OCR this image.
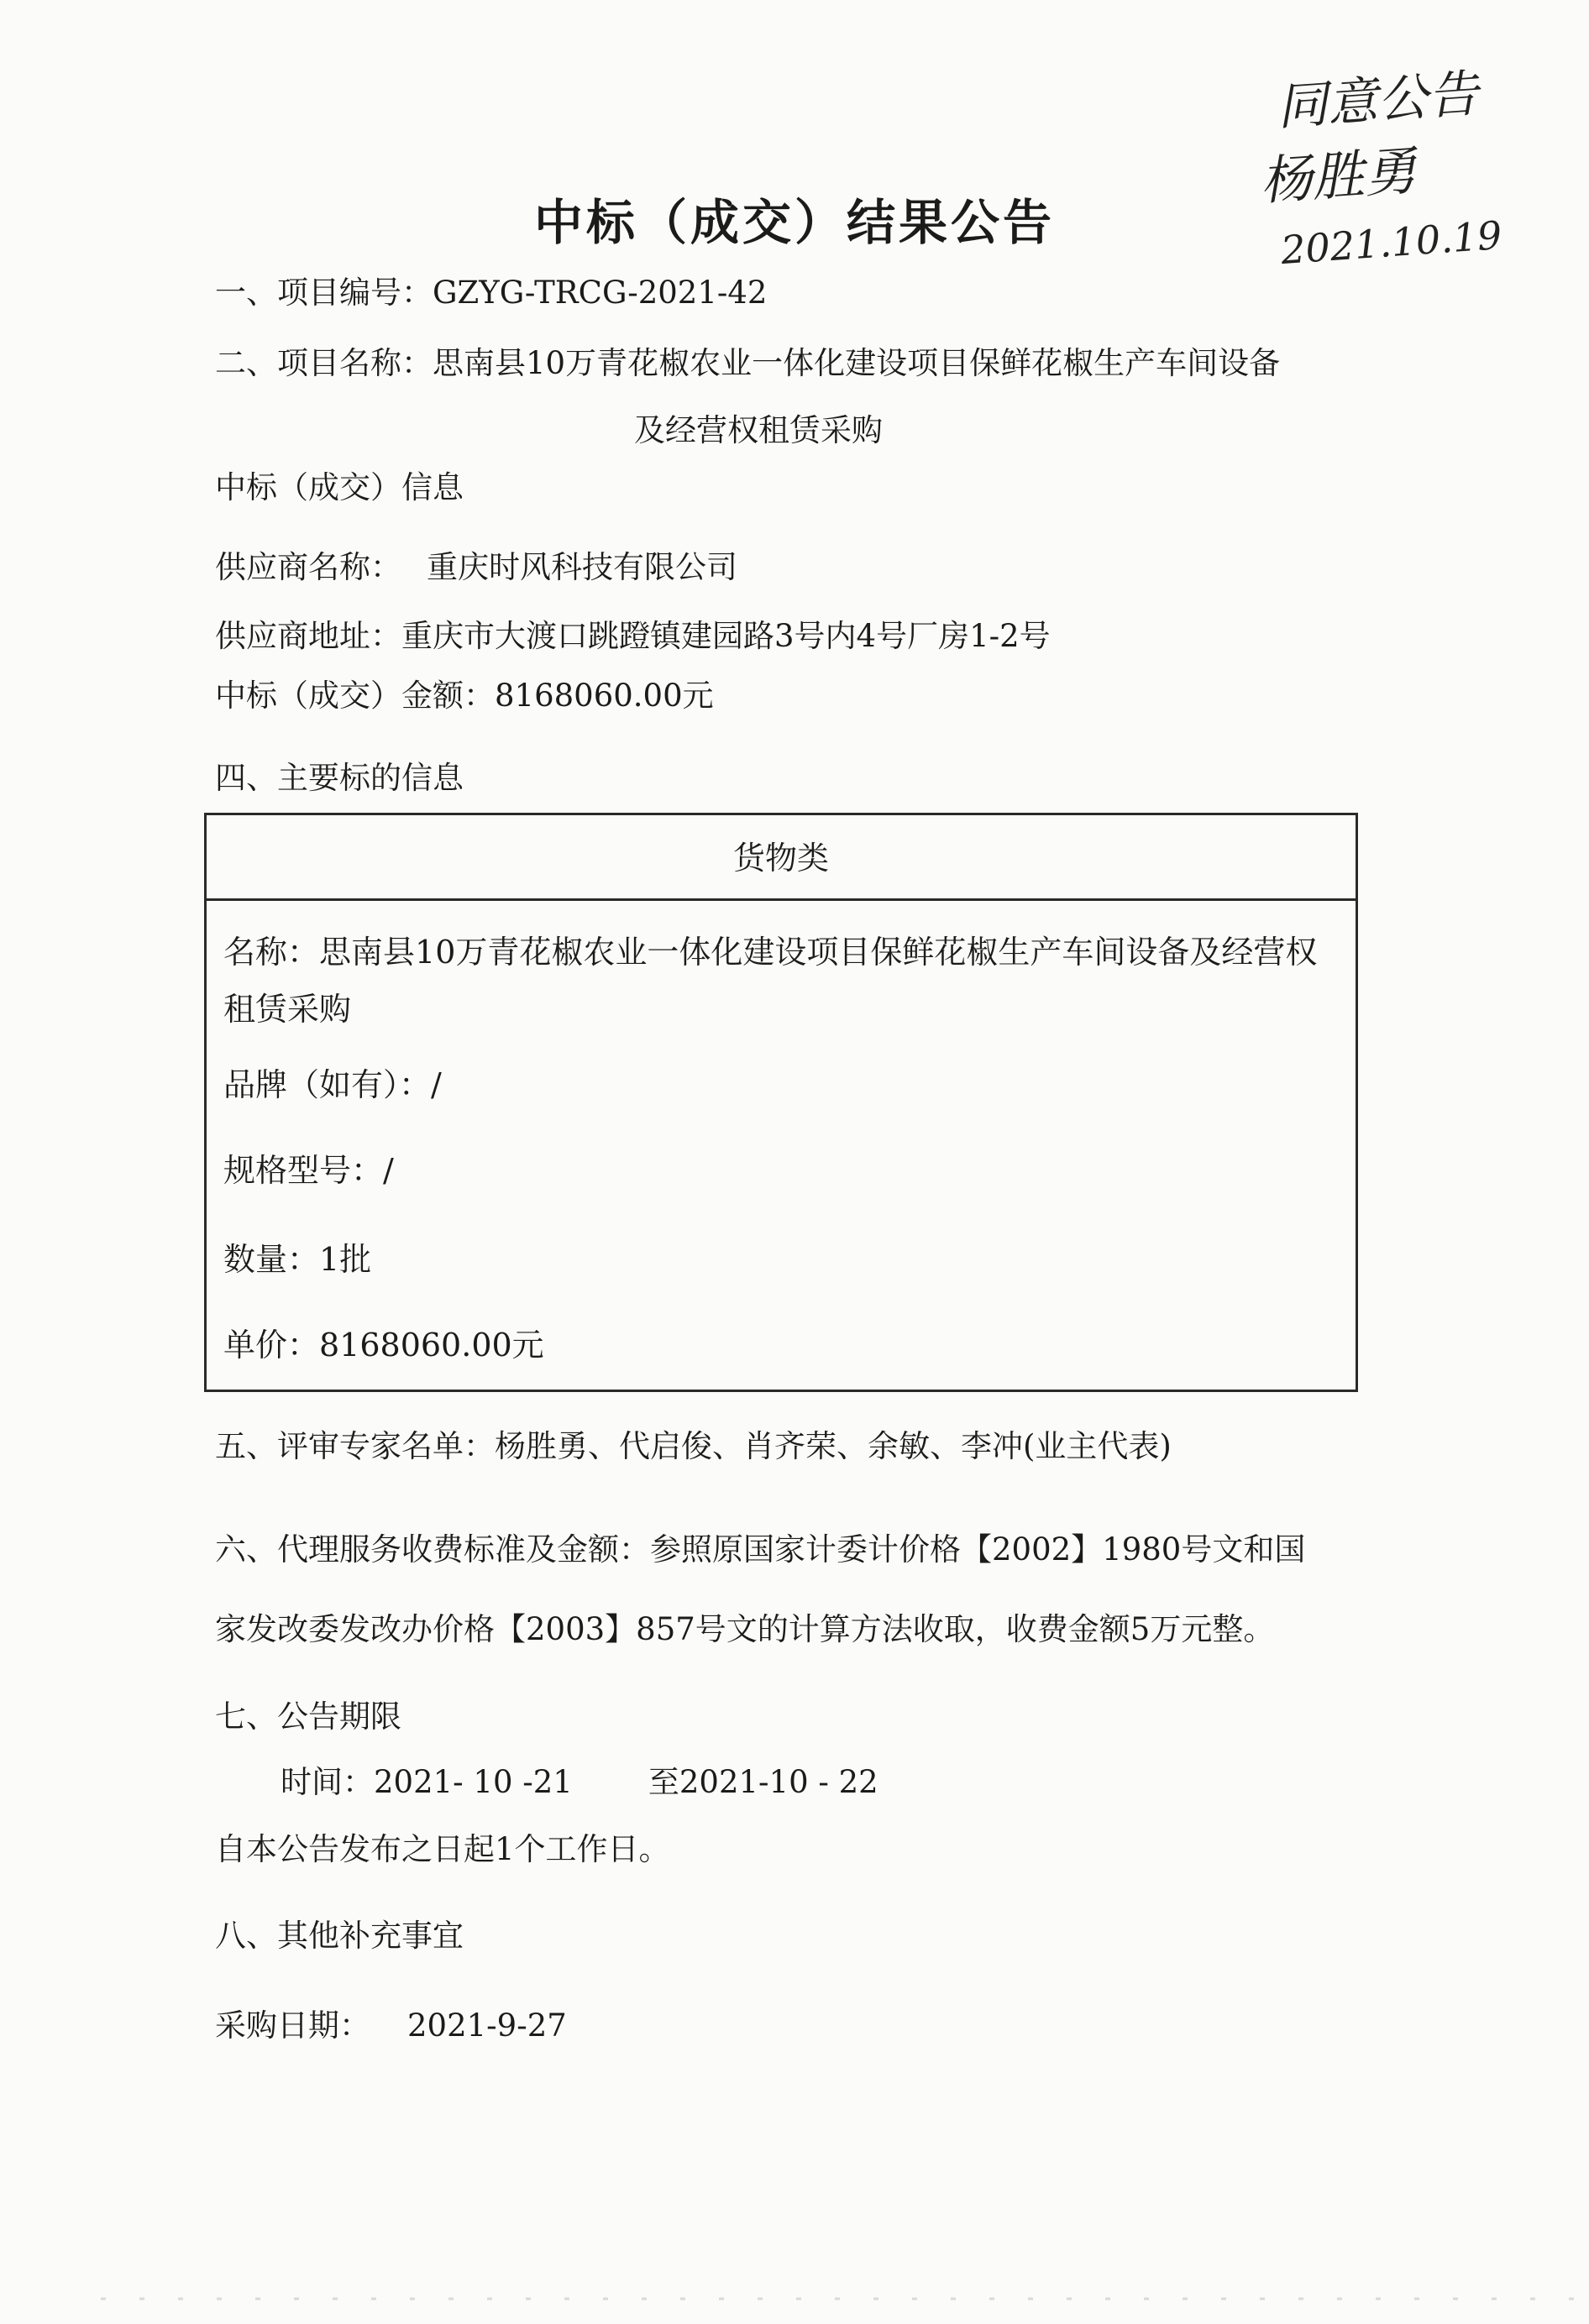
同意公告
杨胜勇
2021.10.19
中标（成交）结果公告
一、项目编号：GZYG-TRCG-2021-42
二、项目名称：思南县10万青花椒农业一体化建设项目保鲜花椒生产车间设备
及经营权租赁采购
中标（成交）信息
供应商名称： 重庆时风科技有限公司
供应商地址：重庆市大渡口跳蹬镇建园路3号内4号厂房1-2号
中标（成交）金额：8168060.00元
四、主要标的信息
货物类
名称：思南县10万青花椒农业一体化建设项目保鲜花椒生产车间设备及经营权
租赁采购
品牌（如有）：/
规格型号：/
数量：1批
单价：8168060.00元
五、评审专家名单：杨胜勇、代启俊、肖齐荣、余敏、李冲(业主代表)
六、代理服务收费标准及金额：参照原国家计委计价格【2002】1980号文和国
家发改委发改办价格【2003】857号文的计算方法收取，收费金额5万元整。
七、公告期限
时间：2021- 10 -21 至2021-10 - 22
自本公告发布之日起1个工作日。
八、其他补充事宜
采购日期： 2021-9-27
